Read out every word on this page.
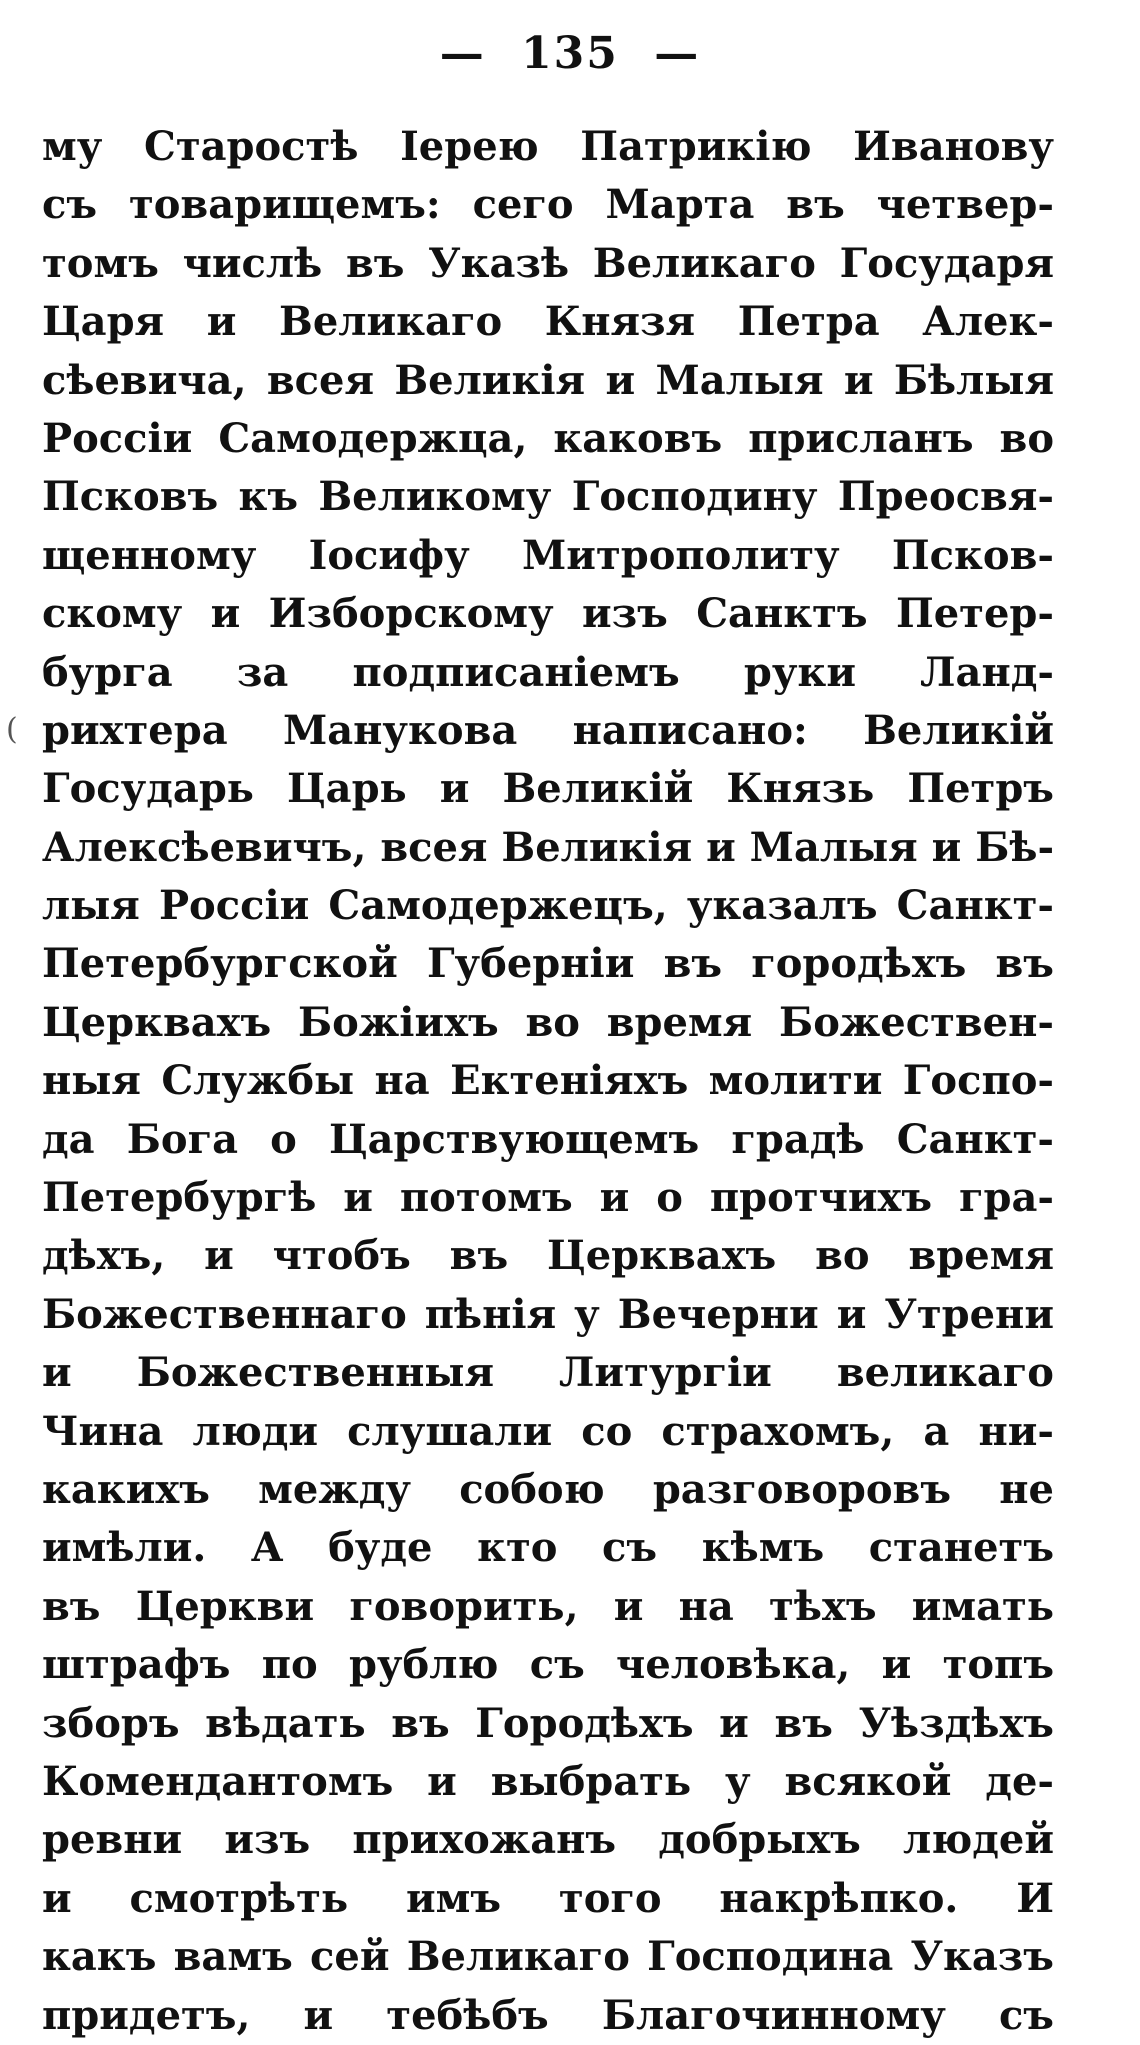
— 135 —
(
му Старостѣ Іерею Патрикію Иванову
съ товарищемъ: сего Марта въ четвер-
томъ числѣ въ Указѣ Великаго Государя
Царя и Великаго Князя Петра Алек-
сѣевича, всея Великія и Малыя и Бѣлыя
Россіи Самодержца, каковъ присланъ во
Псковъ къ Великому Господину Преосвя-
щенному Іосифу Митрополиту Псков-
скому и Изборскому изъ Санктъ Петер-
бурга за подписаніемъ руки Ланд-
рихтера Манукова написано: Великій
Государь Царь и Великій Князь Петръ
Алексѣевичъ, всея Великія и Малыя и Бѣ-
лыя Россіи Самодержецъ, указалъ Санкт-
Петербургской Губерніи въ городѣхъ въ
Церквахъ Божіихъ во время Божествен-
ныя Службы на Ектеніяхъ молити Госпо-
да Бога о Царствующемъ градѣ Санкт-
Петербургѣ и потомъ и о протчихъ гра-
дѣхъ, и чтобъ въ Церквахъ во время
Божественнаго пѣнія у Вечерни и Утрени
и Божественныя Литургіи великаго
Чина люди слушали со страхомъ, а ни-
какихъ между собою разговоровъ не
имѣли. А буде кто съ кѣмъ станетъ
въ Церкви говорить, и на тѣхъ имать
штрафъ по рублю съ человѣка, и топъ
зборъ вѣдать въ Городѣхъ и въ Уѣздѣхъ
Комендантомъ и выбрать у всякой де-
ревни изъ прихожанъ добрыхъ людей
и смотрѣть имъ того накрѣпко. И
какъ вамъ сей Великаго Господина Указъ
придетъ, и тебѣбъ Благочинному съ
